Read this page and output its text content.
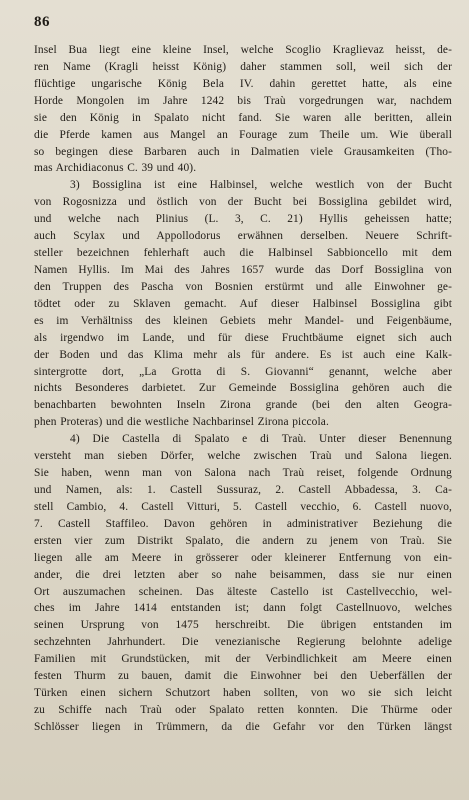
86
Insel Bua liegt eine kleine Insel, welche Scoglio Kraglievaz heisst, de-
ren Name (Kragli heisst König) daher stammen soll, weil sich der
flüchtige ungarische König Bela IV. dahin gerettet hatte, als eine
Horde Mongolen im Jahre 1242 bis Traù vorgedrungen war, nachdem
sie den König in Spalato nicht fand. Sie waren alle beritten, allein
die Pferde kamen aus Mangel an Fourage zum Theile um. Wie überall
so begingen diese Barbaren auch in Dalmatien viele Grausamkeiten (Tho-
mas Archidiaconus C. 39 und 40).
3) Bossiglina ist eine Halbinsel, welche westlich von der Bucht
von Rogosnizza und östlich von der Bucht bei Bossiglina gebildet wird,
und welche nach Plinius (L. 3, C. 21) Hyllis geheissen hatte;
auch Scylax und Appollodorus erwähnen derselben. Neuere Schrift-
steller bezeichnen fehlerhaft auch die Halbinsel Sabbioncello mit dem
Namen Hyllis. Im Mai des Jahres 1657 wurde das Dorf Bossiglina von
den Truppen des Pascha von Bosnien erstürmt und alle Einwohner ge-
tödtet oder zu Sklaven gemacht. Auf dieser Halbinsel Bossiglina gibt
es im Verhältniss des kleinen Gebiets mehr Mandel- und Feigenbäume,
als irgendwo im Lande, und für diese Fruchtbäume eignet sich auch
der Boden und das Klima mehr als für andere. Es ist auch eine Kalk-
sintergrotte dort, „La Grotta di S. Giovanni“ genannt, welche aber
nichts Besonderes darbietet. Zur Gemeinde Bossiglina gehören auch die
benachbarten bewohnten Inseln Zirona grande (bei den alten Geogra-
phen Proteras) und die westliche Nachbarinsel Zirona piccola.
4) Die Castella di Spalato e di Traù. Unter dieser Benennung
versteht man sieben Dörfer, welche zwischen Traù und Salona liegen.
Sie haben, wenn man von Salona nach Traù reiset, folgende Ordnung
und Namen, als: 1. Castell Sussuraz, 2. Castell Abbadessa, 3. Ca-
stell Cambio, 4. Castell Vitturi, 5. Castell vecchio, 6. Castell nuovo,
7. Castell Staffileo. Davon gehören in administrativer Beziehung die
ersten vier zum Distrikt Spalato, die andern zu jenem von Traù. Sie
liegen alle am Meere in grösserer oder kleinerer Entfernung von ein-
ander, die drei letzten aber so nahe beisammen, dass sie nur einen
Ort auszumachen scheinen. Das älteste Castello ist Castellvecchio, wel-
ches im Jahre 1414 entstanden ist; dann folgt Castellnuovo, welches
seinen Ursprung von 1475 herschreibt. Die übrigen entstanden im
sechzehnten Jahrhundert. Die venezianische Regierung belohnte adelige
Familien mit Grundstücken, mit der Verbindlichkeit am Meere einen
festen Thurm zu bauen, damit die Einwohner bei den Ueberfällen der
Türken einen sichern Schutzort haben sollten, von wo sie sich leicht
zu Schiffe nach Traù oder Spalato retten konnten. Die Thürme oder
Schlösser liegen in Trümmern, da die Gefahr vor den Türken längst
